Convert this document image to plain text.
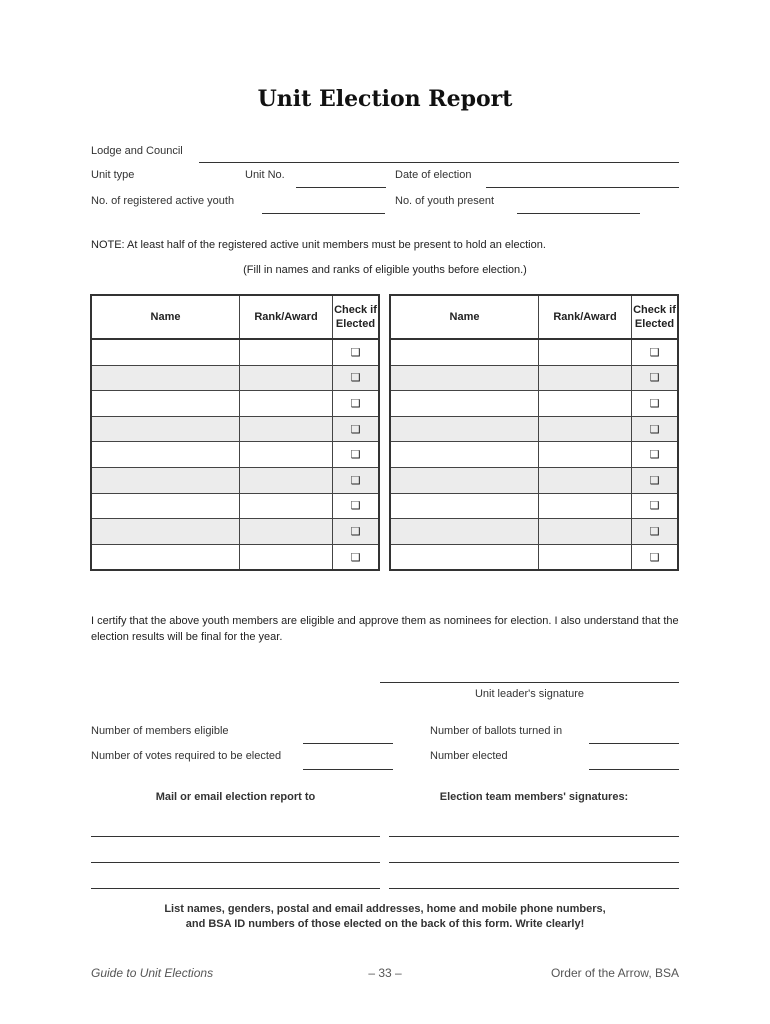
Unit Election Report
Lodge and Council
Unit type	Unit No.	Date of election
No. of registered active youth	No. of youth present
NOTE: At least half of the registered active unit members must be present to hold an election.
(Fill in names and ranks of eligible youths before election.)
Name	Rank/Award	Check if
Elected
		❑
		❑
		❑
		❑
		❑
		❑
		❑
		❑
		❑
Name	Rank/Award	Check if
Elected
		❑
		❑
		❑
		❑
		❑
		❑
		❑
		❑
		❑
I certify that the above youth members are eligible and approve them as nominees for election. I also understand that the election results will be final for the year.
Unit leader's signature
Number of members eligible	Number of ballots turned in
Number of votes required to be elected	Number elected
Mail or email election report to	Election team members' signatures:
List names, genders, postal and email addresses, home and mobile phone numbers,
and BSA ID numbers of those elected on the back of this form. Write clearly!
Guide to Unit Elections	– 33 –	Order of the Arrow, BSA
